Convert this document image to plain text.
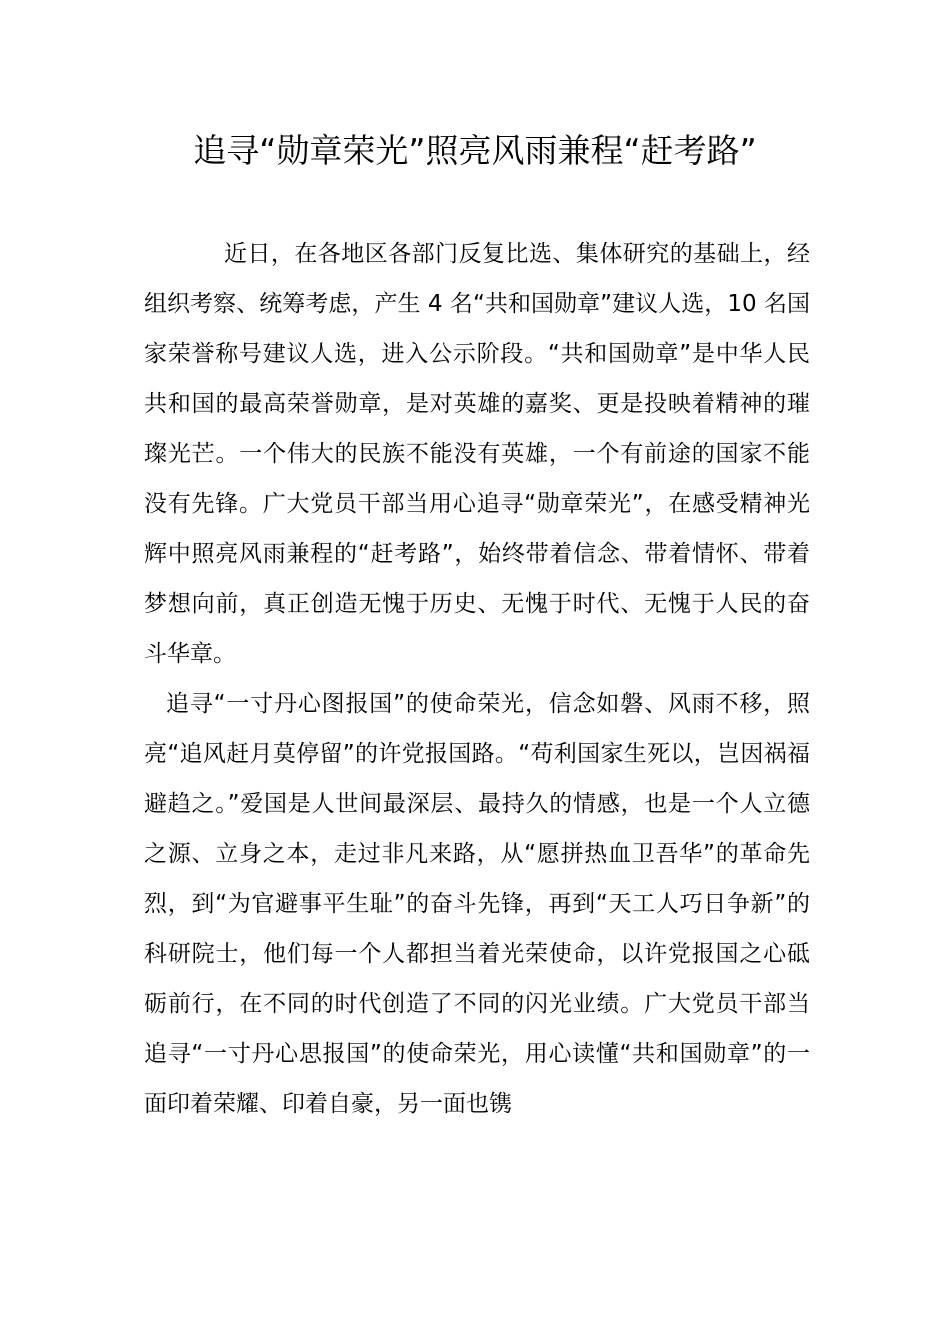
追寻“勋章荣光”照亮风雨兼程“赶考路”

近日，在各地区各部门反复比选、集体研究的基础上，经组织考察、统筹考虑，产生 4 名“共和国勋章”建议人选，10 名国家荣誉称号建议人选，进入公示阶段。“共和国勋章”是中华人民共和国的最高荣誉勋章，是对英雄的嘉奖、更是投映着精神的璀璨光芒。一个伟大的民族不能没有英雄，一个有前途的国家不能没有先锋。广大党员干部当用心追寻“勋章荣光”，在感受精神光辉中照亮风雨兼程的“赶考路”，始终带着信念、带着情怀、带着梦想向前，真正创造无愧于历史、无愧于时代、无愧于人民的奋斗华章。

追寻“一寸丹心图报国”的使命荣光，信念如磐、风雨不移，照亮“追风赶月莫停留”的许党报国路。“苟利国家生死以，岂因祸福避趋之。”爱国是人世间最深层、最持久的情感，也是一个人立德之源、立身之本，走过非凡来路，从“愿拼热血卫吾华”的革命先烈，到“为官避事平生耻”的奋斗先锋，再到“天工人巧日争新”的科研院士，他们每一个人都担当着光荣使命，以许党报国之心砥砺前行，在不同的时代创造了不同的闪光业绩。广大党员干部当追寻“一寸丹心思报国”的使命荣光，用心读懂“共和国勋章”的一面印着荣耀、印着自豪，另一面也镌
